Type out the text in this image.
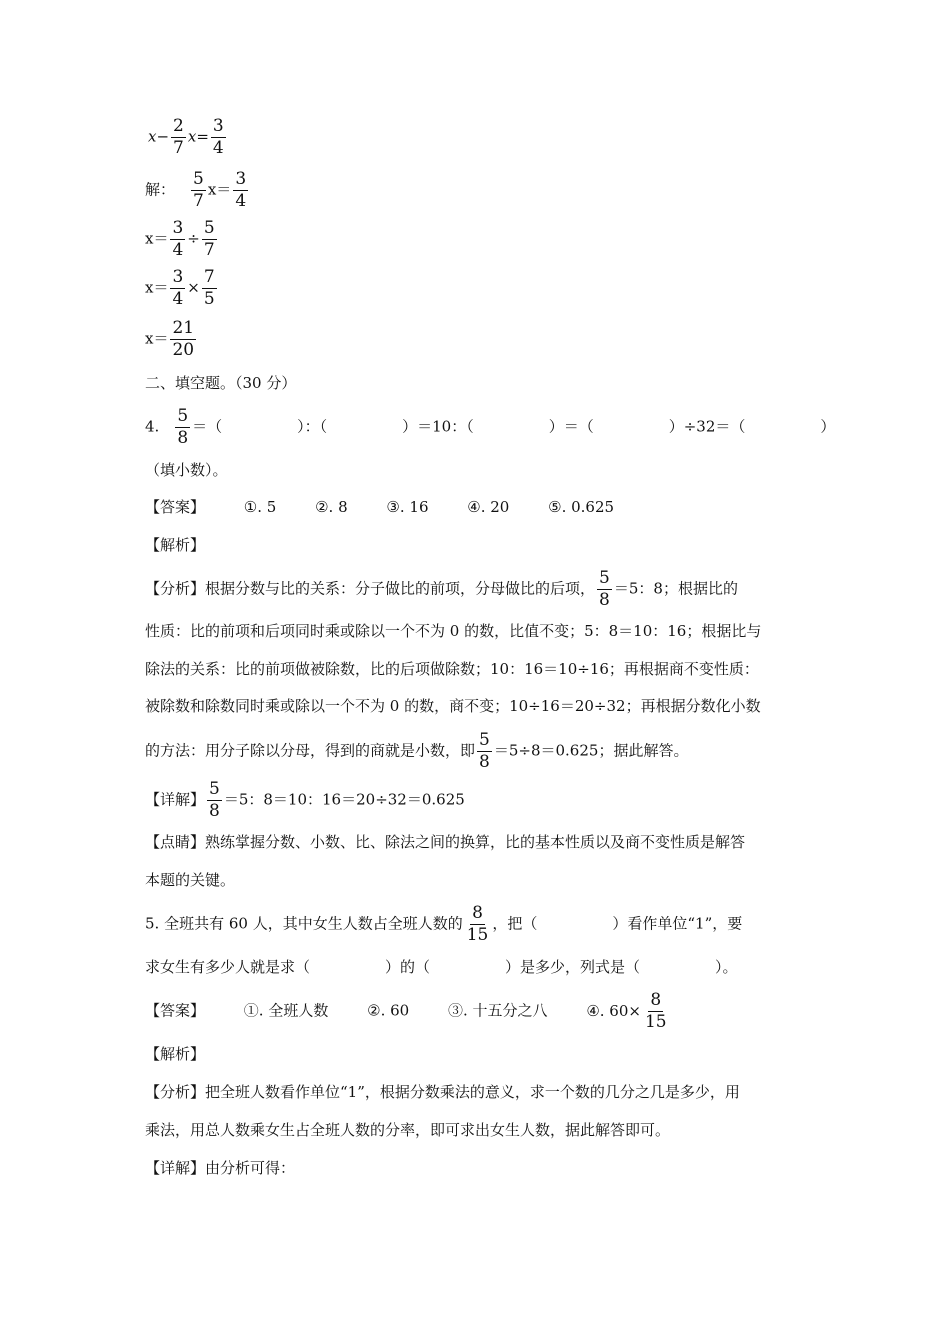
$x- \frac{2}{7} x= \frac{3}{4}$
解： $\frac{5}{7} x= \frac{3}{4}$
$x= \frac{3}{4} \div \frac{5}{7}$
$x= \frac{3}{4} \times \frac{7}{5}$
$x= \frac{21}{20}$
二、填空题。（30 分）
4. $\frac{5}{8}$ ＝（　　　　　）：（　　　　　）＝10：（　　　　　）＝（　　　　　）÷32＝（　　　　　）
（填小数）。
【答案】	①. 5	②. 8	③. 16	④. 20	⑤. 0.625
【解析】
【分析】根据分数与比的关系：分子做比的前项，分母做比的后项， $\frac{5}{8} =5$：8；根据比的
性质：比的前项和后项同时乘或除以一个不为 0 的数，比值不变；5：8＝10：16；根据比与
除法的关系：比的前项做被除数，比的后项做除数；10：16＝10÷16；再根据商不变性质：
被除数和除数同时乘或除以一个不为 0 的数，商不变；10÷16＝20÷32；再根据分数化小数
的方法：用分子除以分母，得到的商就是小数，即 $\frac{5}{8} =5\div 8=0.625$；据此解答。
【详解】 $\frac{5}{8} =5$：8＝10：16＝20÷32＝0.625
【点睛】熟练掌握分数、小数、比、除法之间的换算，比的基本性质以及商不变性质是解答
本题的关键。
5. 全班共有 60 人，其中女生人数占全班人数的 $\frac{8}{15}$ ，把（　　　　　）看作单位“1”，要
求女生有多少人就是求（　　　　　）的（　　　　　）是多少，列式是（　　　　　）。
【答案】	①. 全班人数	②. 60	③. 十五分之八	④. $60\times \frac{8}{15}$
【解析】
【分析】把全班人数看作单位“1”，根据分数乘法的意义，求一个数的几分之几是多少，用
乘法，用总人数乘女生占全班人数的分率，即可求出女生人数，据此解答即可。
【详解】由分析可得：
